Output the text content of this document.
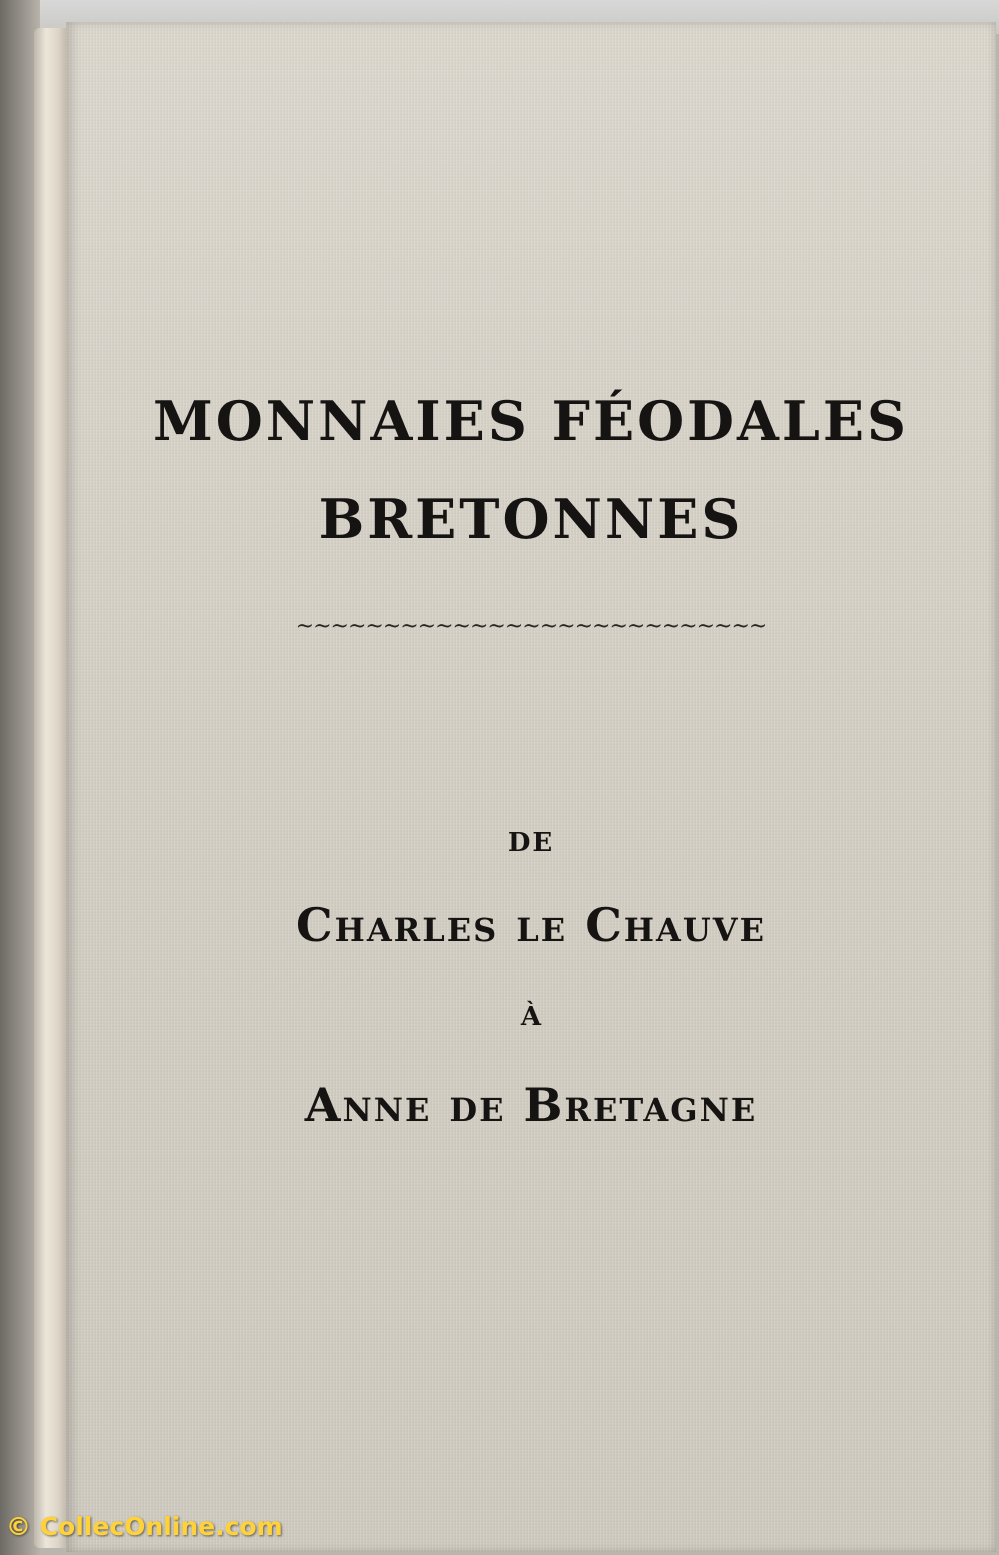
MONNAIES FÉODALES
BRETONNES
~~~~~~~~~~~~~~~~~~~~~~~~~~~
DE
Charles le Chauve
À
Anne de Bretagne
© CollecOnline.com
